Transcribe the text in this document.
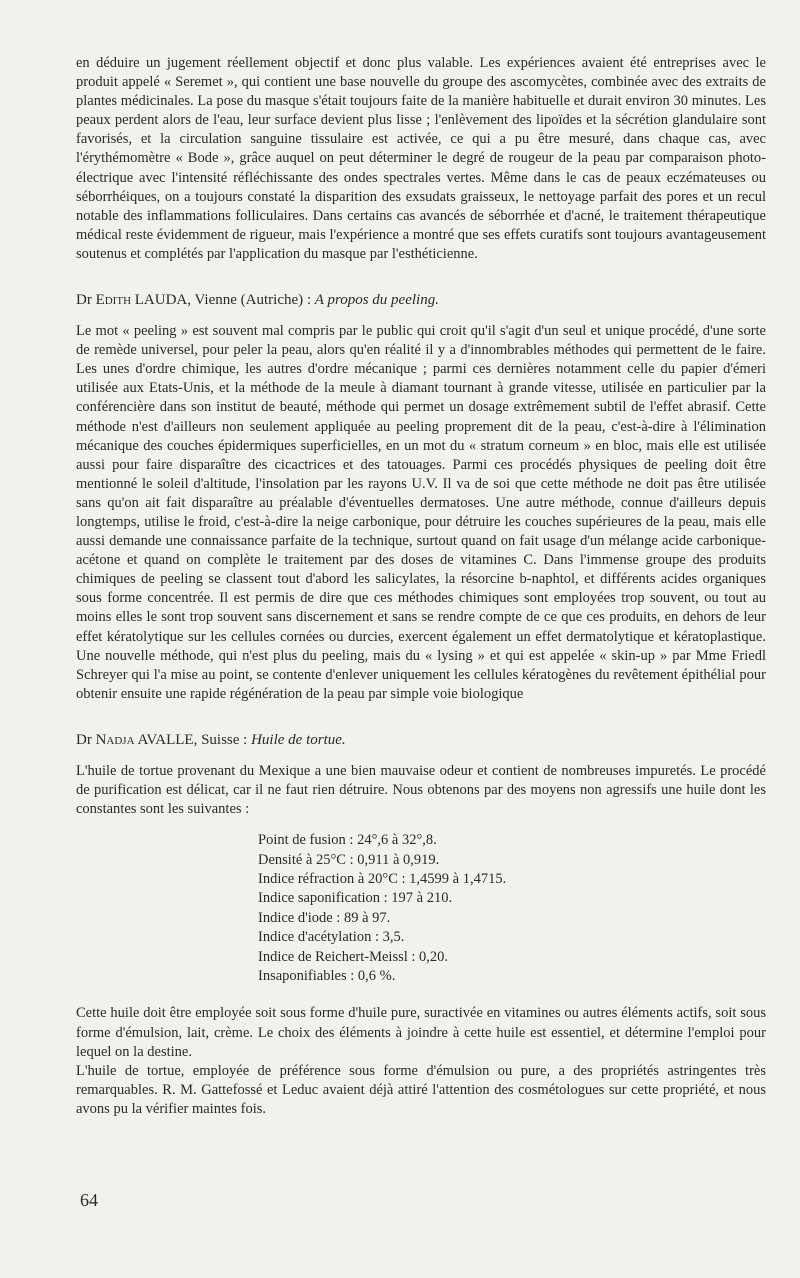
en déduire un jugement réellement objectif et donc plus valable. Les expériences avaient été entreprises avec le produit appelé « Seremet », qui contient une base nouvelle du groupe des ascomycètes, combinée avec des extraits de plantes médicinales. La pose du masque s'était toujours faite de la manière habituelle et durait environ 30 minutes. Les peaux perdent alors de l'eau, leur surface devient plus lisse ; l'enlèvement des lipoïdes et la sécrétion glandulaire sont favorisés, et la circulation sanguine tissulaire est activée, ce qui a pu être mesuré, dans chaque cas, avec l'érythémomètre « Bode », grâce auquel on peut déterminer le degré de rougeur de la peau par comparaison photo-électrique avec l'intensité réfléchissante des ondes spectrales vertes. Même dans le cas de peaux eczémateuses ou séborrhéiques, on a toujours constaté la disparition des exsudats graisseux, le nettoyage parfait des pores et un recul notable des inflammations folliculaires. Dans certains cas avancés de séborrhée et d'acné, le traitement thérapeutique médical reste évidemment de rigueur, mais l'expérience a montré que ses effets curatifs sont toujours avantageusement soutenus et complétés par l'application du masque par l'esthéticienne.

Dr Edith LAUDA, Vienne (Autriche) : A propos du peeling.

Le mot « peeling » est souvent mal compris par le public qui croit qu'il s'agit d'un seul et unique procédé, d'une sorte de remède universel, pour peler la peau, alors qu'en réalité il y a d'innombrables méthodes qui permettent de le faire. Les unes d'ordre chimique, les autres d'ordre mécanique ; parmi ces dernières notamment celle du papier d'émeri utilisée aux Etats-Unis, et la méthode de la meule à diamant tournant à grande vitesse, utilisée en particulier par la conférencière dans son institut de beauté, méthode qui permet un dosage extrêmement subtil de l'effet abrasif. Cette méthode n'est d'ailleurs non seulement appliquée au peeling proprement dit de la peau, c'est-à-dire à l'élimination mécanique des couches épidermiques superficielles, en un mot du « stratum corneum » en bloc, mais elle est utilisée aussi pour faire disparaître des cicactrices et des tatouages. Parmi ces procédés physiques de peeling doit être mentionné le soleil d'altitude, l'insolation par les rayons U.V. Il va de soi que cette méthode ne doit pas être utilisée sans qu'on ait fait disparaître au préalable d'éventuelles dermatoses. Une autre méthode, connue d'ailleurs depuis longtemps, utilise le froid, c'est-à-dire la neige carbonique, pour détruire les couches supérieures de la peau, mais elle aussi demande une connaissance parfaite de la technique, surtout quand on fait usage d'un mélange acide carbonique-acétone et quand on complète le traitement par des doses de vitamines C. Dans l'immense groupe des produits chimiques de peeling se classent tout d'abord les salicylates, la résorcine b-naphtol, et différents acides organiques sous forme concentrée. Il est permis de dire que ces méthodes chimiques sont employées trop souvent, ou tout au moins elles le sont trop souvent sans discernement et sans se rendre compte de ce que ces produits, en dehors de leur effet kératolytique sur les cellules cornées ou durcies, exercent également un effet dermatolytique et kératoplastique. Une nouvelle méthode, qui n'est plus du peeling, mais du « lysing » et qui est appelée « skin-up » par Mme Friedl Schreyer qui l'a mise au point, se contente d'enlever uniquement les cellules kératogènes du revêtement épithélial pour obtenir ensuite une rapide régénération de la peau par simple voie biologique

Dr Nadja AVALLE, Suisse : Huile de tortue.

L'huile de tortue provenant du Mexique a une bien mauvaise odeur et contient de nombreuses impuretés. Le procédé de purification est délicat, car il ne faut rien détruire. Nous obtenons par des moyens non agressifs une huile dont les constantes sont les suivantes :

Point de fusion : 24°,6 à 32°,8.
Densité à 25°C : 0,911 à 0,919.
Indice réfraction à 20°C : 1,4599 à 1,4715.
Indice saponification : 197 à 210.
Indice d'iode : 89 à 97.
Indice d'acétylation : 3,5.
Indice de Reichert-Meissl : 0,20.
Insaponifiables : 0,6 %.

Cette huile doit être employée soit sous forme d'huile pure, suractivée en vitamines ou autres éléments actifs, soit sous forme d'émulsion, lait, crème. Le choix des éléments à joindre à cette huile est essentiel, et détermine l'emploi pour lequel on la destine.

L'huile de tortue, employée de préférence sous forme d'émulsion ou pure, a des propriétés astringentes très remarquables. R. M. Gattefossé et Leduc avaient déjà attiré l'attention des cosmétologues sur cette propriété, et nous avons pu la vérifier maintes fois.

64
